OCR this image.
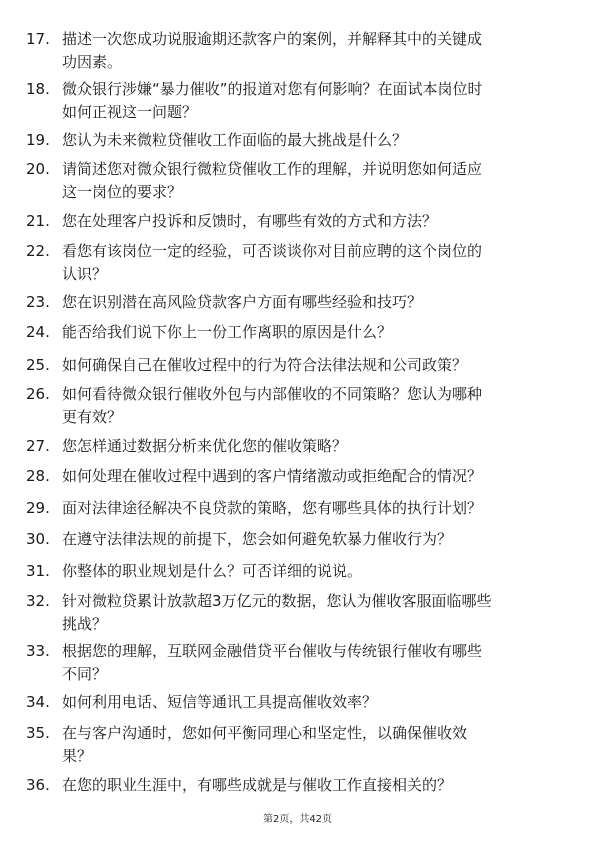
17. 描述一次您成功说服逾期还款客户的案例，并解释其中的关键成
功因素。
18. 微众银行涉嫌“暴力催收”的报道对您有何影响？在面试本岗位时
如何正视这一问题？
19. 您认为未来微粒贷催收工作面临的最大挑战是什么？
20. 请简述您对微众银行微粒贷催收工作的理解，并说明您如何适应
这一岗位的要求？
21. 您在处理客户投诉和反馈时，有哪些有效的方式和方法？
22. 看您有该岗位一定的经验，可否谈谈你对目前应聘的这个岗位的
认识？
23. 您在识别潜在高风险贷款客户方面有哪些经验和技巧？
24. 能否给我们说下你上一份工作离职的原因是什么？
25. 如何确保自己在催收过程中的行为符合法律法规和公司政策？
26. 如何看待微众银行催收外包与内部催收的不同策略？您认为哪种
更有效？
27. 您怎样通过数据分析来优化您的催收策略？
28. 如何处理在催收过程中遇到的客户情绪激动或拒绝配合的情况？
29. 面对法律途径解决不良贷款的策略，您有哪些具体的执行计划？
30. 在遵守法律法规的前提下，您会如何避免软暴力催收行为？
31. 你整体的职业规划是什么？可否详细的说说。
32. 针对微粒贷累计放款超3万亿元的数据，您认为催收客服面临哪些
挑战？
33. 根据您的理解，互联网金融借贷平台催收与传统银行催收有哪些
不同？
34. 如何利用电话、短信等通讯工具提高催收效率？
35. 在与客户沟通时，您如何平衡同理心和坚定性，以确保催收效
果？
36. 在您的职业生涯中，有哪些成就是与催收工作直接相关的？
第2页，共42页
